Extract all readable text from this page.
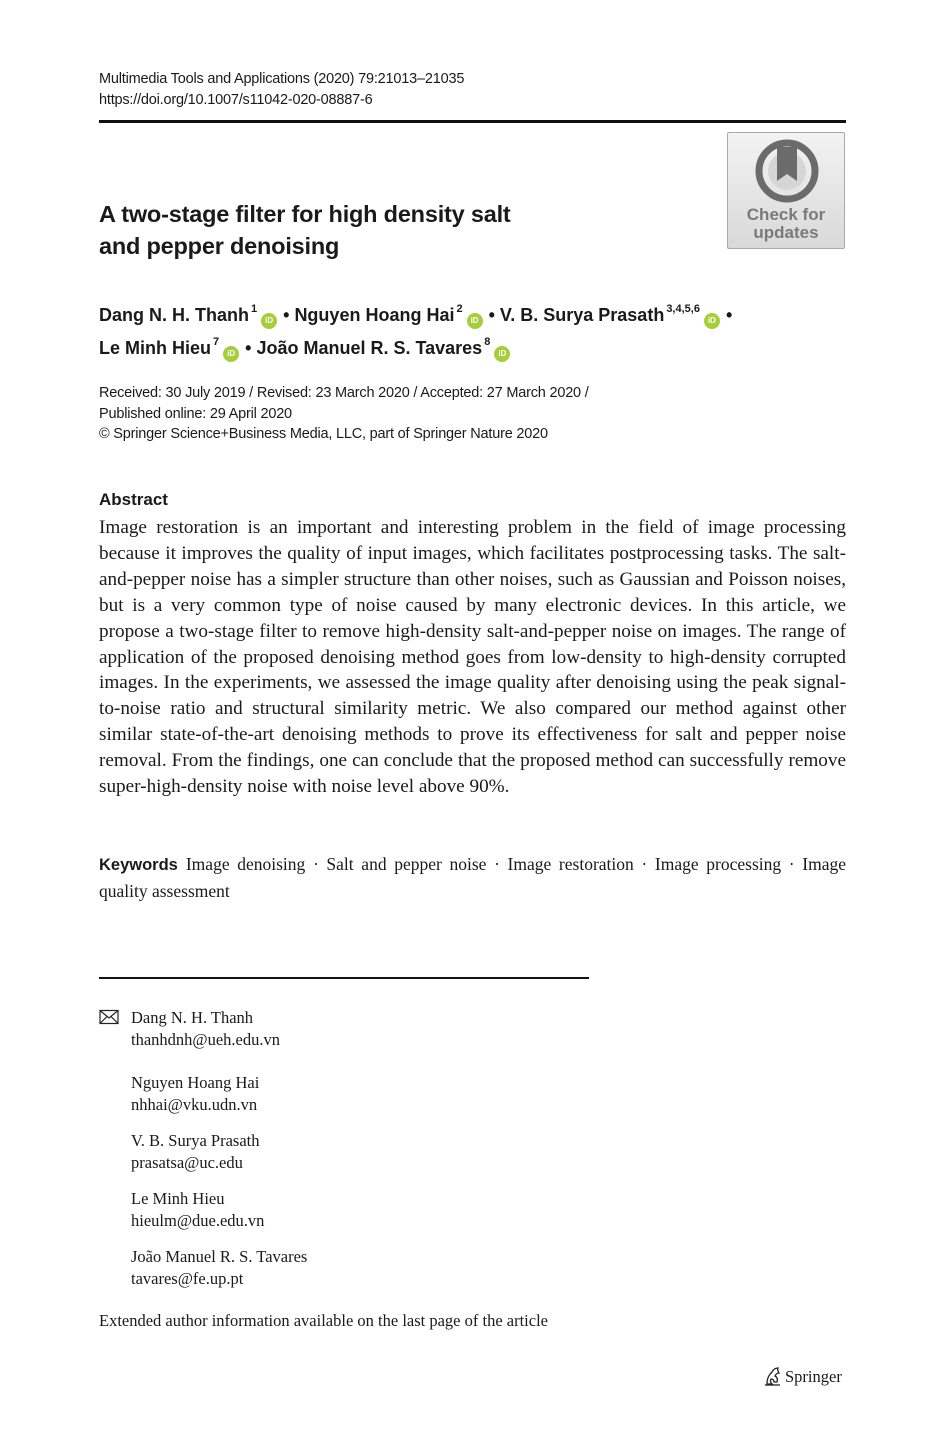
Multimedia Tools and Applications (2020) 79:21013–21035
https://doi.org/10.1007/s11042-020-08887-6
Check for
updates
A two-stage filter for high density salt
and pepper denoising
Dang N. H. Thanh $^1$iD • Nguyen Hoang Hai $^2$iD • V. B. Surya Prasath $^{3,4,5,6}$iD •
Le Minh Hieu $^7$iD • João Manuel R. S. Tavares $^8$iD
Received: 30 July 2019 / Revised: 23 March 2020 / Accepted: 27 March 2020 /
Published online: 29 April 2020
© Springer Science+Business Media, LLC, part of Springer Nature 2020
Abstract
Image restoration is an important and interesting problem in the field of image processing because it improves the quality of input images, which facilitates postprocessing tasks. The salt-and-pepper noise has a simpler structure than other noises, such as Gaussian and Poisson noises, but is a very common type of noise caused by many electronic devices. In this article, we propose a two-stage filter to remove high-density salt-and-pepper noise on images. The range of application of the proposed denoising method goes from low-density to high-density corrupted images. In the experiments, we assessed the image quality after denoising using the peak signal-to-noise ratio and structural similarity metric. We also compared our method against other similar state-of-the-art denoising methods to prove its effectiveness for salt and pepper noise removal. From the findings, one can conclude that the proposed method can successfully remove super-high-density noise with noise level above 90%.
Keywords Image denoising · Salt and pepper noise · Image restoration · Image processing · Image quality assessment
Dang N. H. Thanh
thanhdnh@ueh.edu.vn
Nguyen Hoang Hai
nhhai@vku.udn.vn
V. B. Surya Prasath
prasatsa@uc.edu
Le Minh Hieu
hieulm@due.edu.vn
João Manuel R. S. Tavares
tavares@fe.up.pt
Extended author information available on the last page of the article
Springer
